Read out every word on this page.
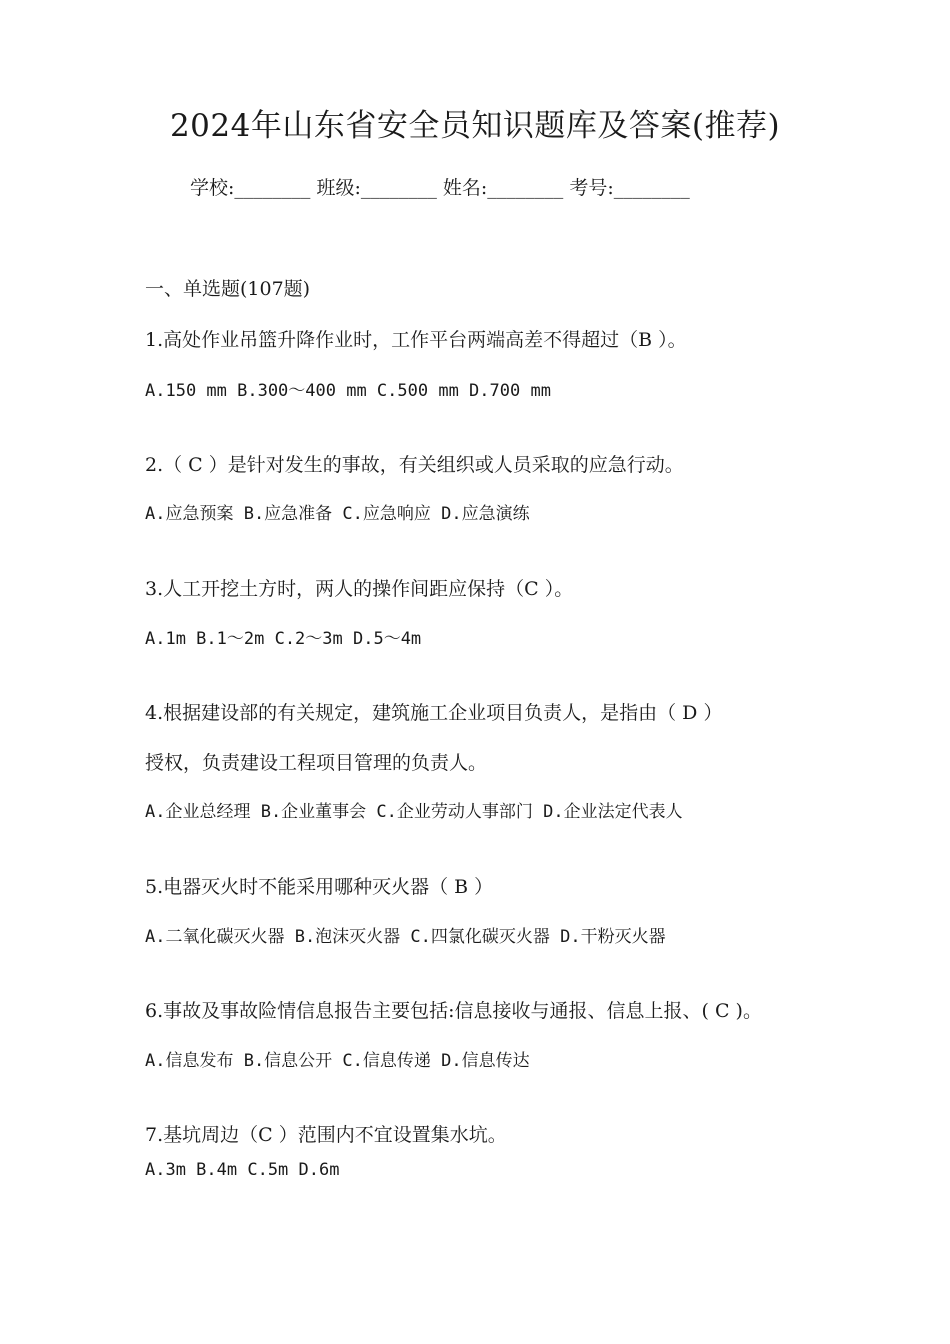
2024年山东省安全员知识题库及答案(推荐)
学校:________ 班级:________ 姓名:________ 考号:________
一、单选题(107题)
1.高处作业吊篮升降作业时，工作平台两端高差不得超过（B ）。
A.150 mm B.300～400 mm C.500 mm D.700 mm
2.（ C ）是针对发生的事故，有关组织或人员采取的应急行动。
A.应急预案 B.应急准备 C.应急响应 D.应急演练
3.人工开挖土方时，两人的操作间距应保持（C ）。
A.1m B.1～2m C.2～3m D.5～4m
4.根据建设部的有关规定，建筑施工企业项目负责人，是指由（ D ）
授权，负责建设工程项目管理的负责人。
A.企业总经理 B.企业董事会 C.企业劳动人事部门 D.企业法定代表人
5.电器灭火时不能采用哪种灭火器（ B ）
A.二氧化碳灭火器 B.泡沫灭火器 C.四氯化碳灭火器 D.干粉灭火器
6.事故及事故险情信息报告主要包括:信息接收与通报、信息上报、( C )。
A.信息发布 B.信息公开 C.信息传递 D.信息传达
7.基坑周边（C ）范围内不宜设置集水坑。
A.3m B.4m C.5m D.6m
